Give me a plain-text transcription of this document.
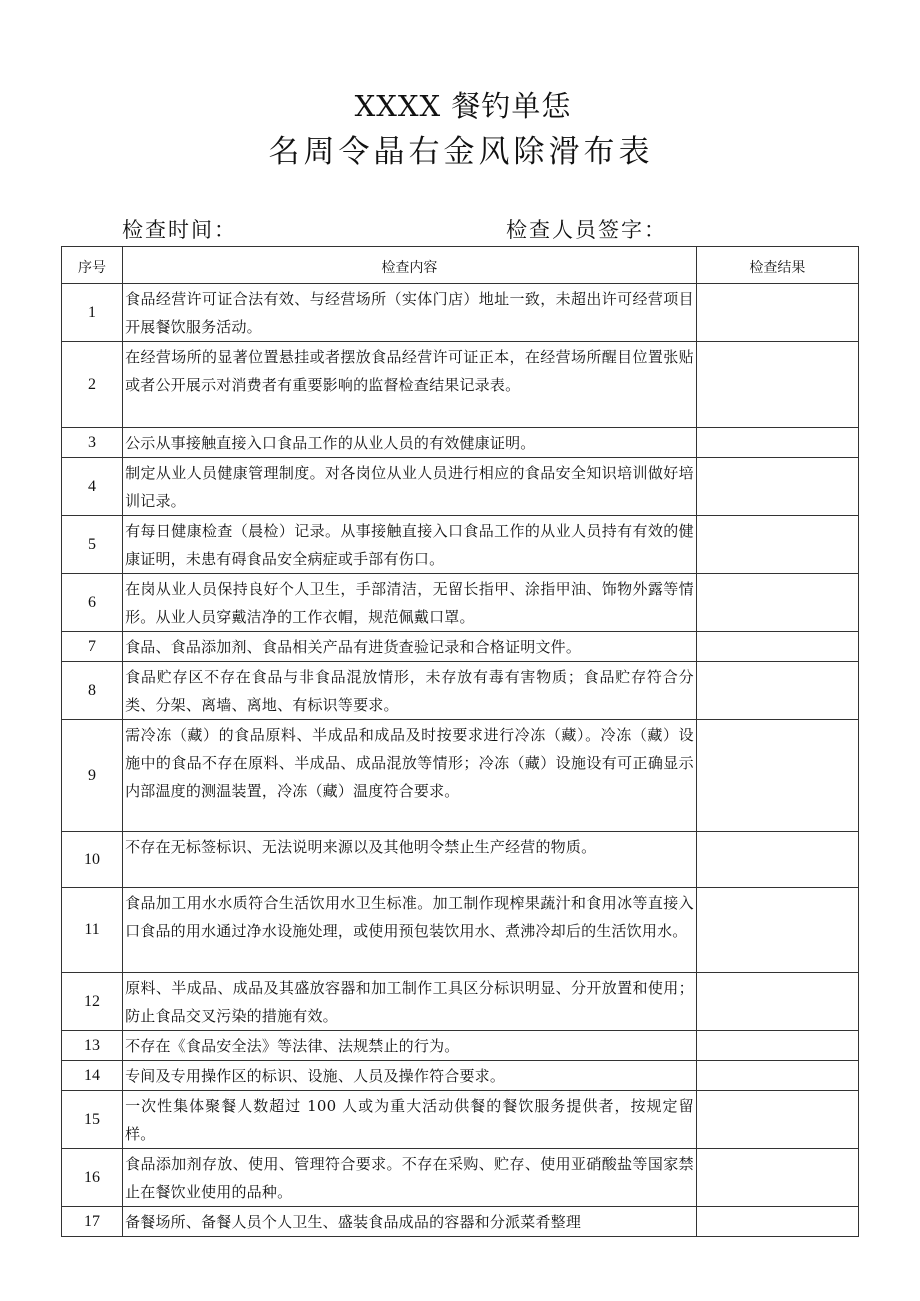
XXXX 餐钓单恁
名周令晶右金风除滑布表
检查时间：	检查人员签字：
序号	检查内容	检查结果
1	食品经营许可证合法有效、与经营场所（实体门店）地址一致，未超出许可经营项目开展餐饮服务活动。	
2	在经营场所的显著位置悬挂或者摆放食品经营许可证正本，在经营场所醒目位置张贴或者公开展示对消费者有重要影响的监督检查结果记录表。	
3	公示从事接触直接入口食品工作的从业人员的有效健康证明。	
4	制定从业人员健康管理制度。对各岗位从业人员进行相应的食品安全知识培训做好培训记录。	
5	有每日健康检查（晨检）记录。从事接触直接入口食品工作的从业人员持有有效的健康证明，未患有碍食品安全病症或手部有伤口。	
6	在岗从业人员保持良好个人卫生，手部清洁，无留长指甲、涂指甲油、饰物外露等情形。从业人员穿戴洁净的工作衣帽，规范佩戴口罩。	
7	食品、食品添加剂、食品相关产品有进货查验记录和合格证明文件。	
8	食品贮存区不存在食品与非食品混放情形，未存放有毒有害物质；食品贮存符合分类、分架、离墙、离地、有标识等要求。	
9	需冷冻（藏）的食品原料、半成品和成品及时按要求进行冷冻（藏）。冷冻（藏）设施中的食品不存在原料、半成品、成品混放等情形；冷冻（藏）设施设有可正确显示内部温度的测温装置，冷冻（藏）温度符合要求。	
10	不存在无标签标识、无法说明来源以及其他明令禁止生产经营的物质。	
11	食品加工用水水质符合生活饮用水卫生标准。加工制作现榨果蔬汁和食用冰等直接入口食品的用水通过净水设施处理，或使用预包装饮用水、煮沸冷却后的生活饮用水。	
12	原料、半成品、成品及其盛放容器和加工制作工具区分标识明显、分开放置和使用；防止食品交叉污染的措施有效。	
13	不存在《食品安全法》等法律、法规禁止的行为。	
14	专间及专用操作区的标识、设施、人员及操作符合要求。	
15	一次性集体聚餐人数超过 100 人或为重大活动供餐的餐饮服务提供者，按规定留样。	
16	食品添加剂存放、使用、管理符合要求。不存在采购、贮存、使用亚硝酸盐等国家禁止在餐饮业使用的品种。	
17	备餐场所、备餐人员个人卫生、盛装食品成品的容器和分派菜肴整理	
